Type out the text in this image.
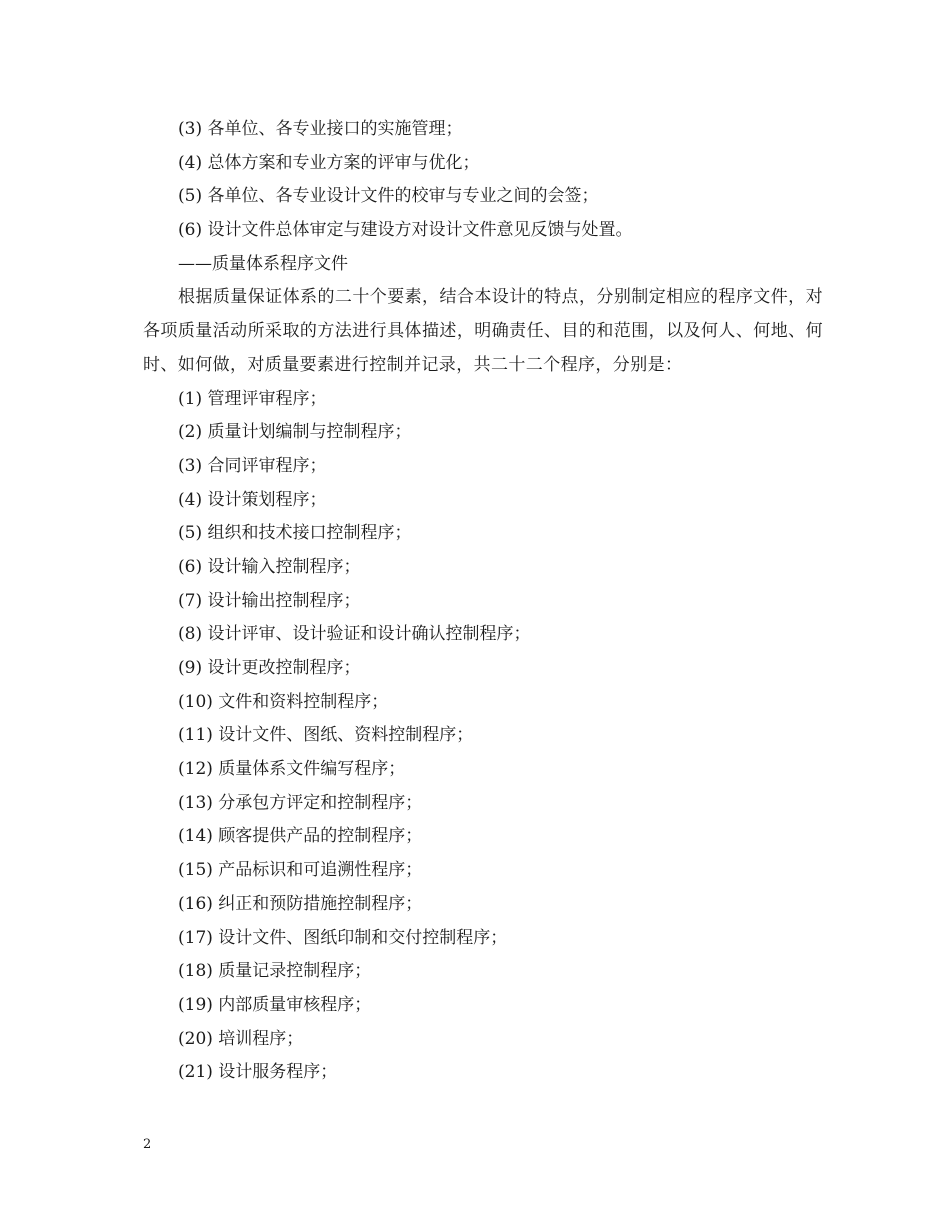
(3) 各单位、各专业接口的实施管理；
(4) 总体方案和专业方案的评审与优化；
(5) 各单位、各专业设计文件的校审与专业之间的会签；
(6) 设计文件总体审定与建设方对设计文件意见反馈与处置。
——质量体系程序文件
根据质量保证体系的二十个要素，结合本设计的特点，分别制定相应的程序文件，对各项质量活动所采取的方法进行具体描述，明确责任、目的和范围，以及何人、何地、何时、如何做，对质量要素进行控制并记录，共二十二个程序，分别是：
(1) 管理评审程序；
(2) 质量计划编制与控制程序；
(3) 合同评审程序；
(4) 设计策划程序；
(5) 组织和技术接口控制程序；
(6) 设计输入控制程序；
(7) 设计输出控制程序；
(8) 设计评审、设计验证和设计确认控制程序；
(9) 设计更改控制程序；
(10) 文件和资料控制程序；
(11) 设计文件、图纸、资料控制程序；
(12) 质量体系文件编写程序；
(13) 分承包方评定和控制程序；
(14) 顾客提供产品的控制程序；
(15) 产品标识和可追溯性程序；
(16) 纠正和预防措施控制程序；
(17) 设计文件、图纸印制和交付控制程序；
(18) 质量记录控制程序；
(19) 内部质量审核程序；
(20) 培训程序；
(21) 设计服务程序；
2
